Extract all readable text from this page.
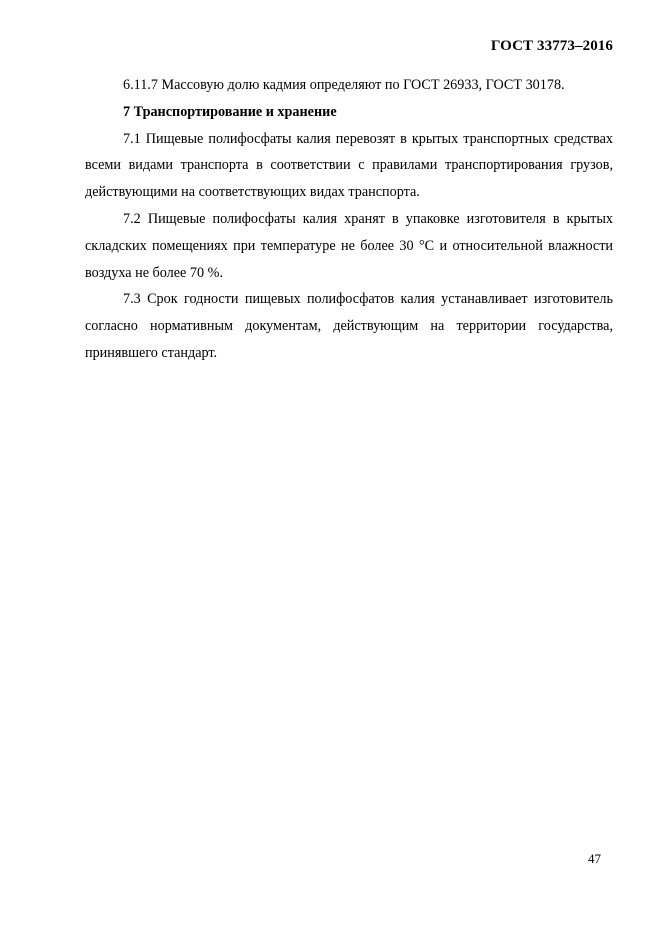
ГОСТ 33773–2016

6.11.7 Массовую долю кадмия определяют по ГОСТ 26933, ГОСТ 30178.

7 Транспортирование и хранение

7.1 Пищевые полифосфаты калия перевозят в крытых транспортных средствах всеми видами транспорта в соответствии с правилами транспортирования грузов, действующими на соответствующих видах транспорта.

7.2 Пищевые полифосфаты калия хранят в упаковке изготовителя в крытых складских помещениях при температуре не более 30 °С и относительной влажности воздуха не более 70 %.

7.3 Срок годности пищевых полифосфатов калия устанавливает изготовитель согласно нормативным документам, действующим на территории государства, принявшего стандарт.

47
